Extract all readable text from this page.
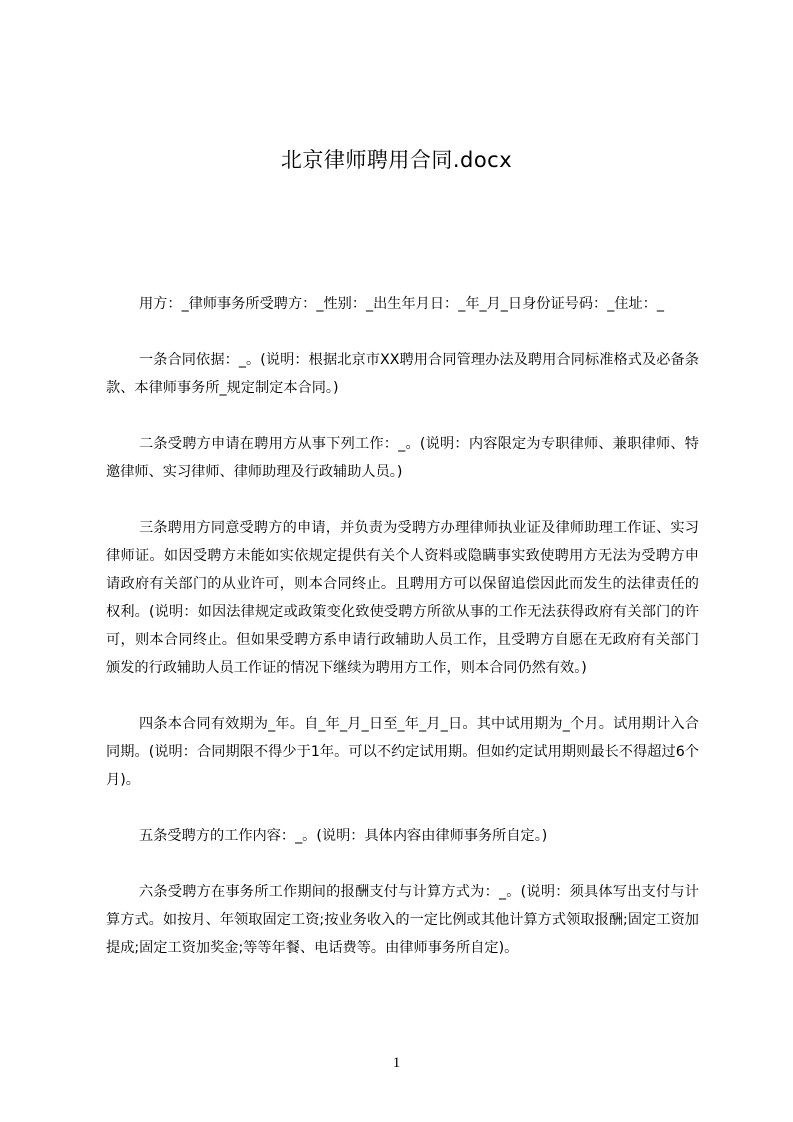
北京律师聘用合同.docx

用方：_律师事务所受聘方：_性别：_出生年月日：_年_月_日身份证号码：_住址：_

一条合同依据：_。(说明：根据北京市XX聘用合同管理办法及聘用合同标准格式及必备条款、本律师事务所_规定制定本合同。)

二条受聘方申请在聘用方从事下列工作：_。(说明：内容限定为专职律师、兼职律师、特邀律师、实习律师、律师助理及行政辅助人员。)

三条聘用方同意受聘方的申请，并负责为受聘方办理律师执业证及律师助理工作证、实习律师证。如因受聘方未能如实依规定提供有关个人资料或隐瞒事实致使聘用方无法为受聘方申请政府有关部门的从业许可，则本合同终止。且聘用方可以保留追偿因此而发生的法律责任的权利。(说明：如因法律规定或政策变化致使受聘方所欲从事的工作无法获得政府有关部门的许可，则本合同终止。但如果受聘方系申请行政辅助人员工作，且受聘方自愿在无政府有关部门颁发的行政辅助人员工作证的情况下继续为聘用方工作，则本合同仍然有效。)

四条本合同有效期为_年。自_年_月_日至_年_月_日。其中试用期为_个月。试用期计入合同期。(说明：合同期限不得少于1年。可以不约定试用期。但如约定试用期则最长不得超过6个月)。

五条受聘方的工作内容：_。(说明：具体内容由律师事务所自定。)

六条受聘方在事务所工作期间的报酬支付与计算方式为：_。(说明：须具体写出支付与计算方式。如按月、年领取固定工资;按业务收入的一定比例或其他计算方式领取报酬;固定工资加提成;固定工资加奖金;等等年餐、电话费等。由律师事务所自定)。

1
